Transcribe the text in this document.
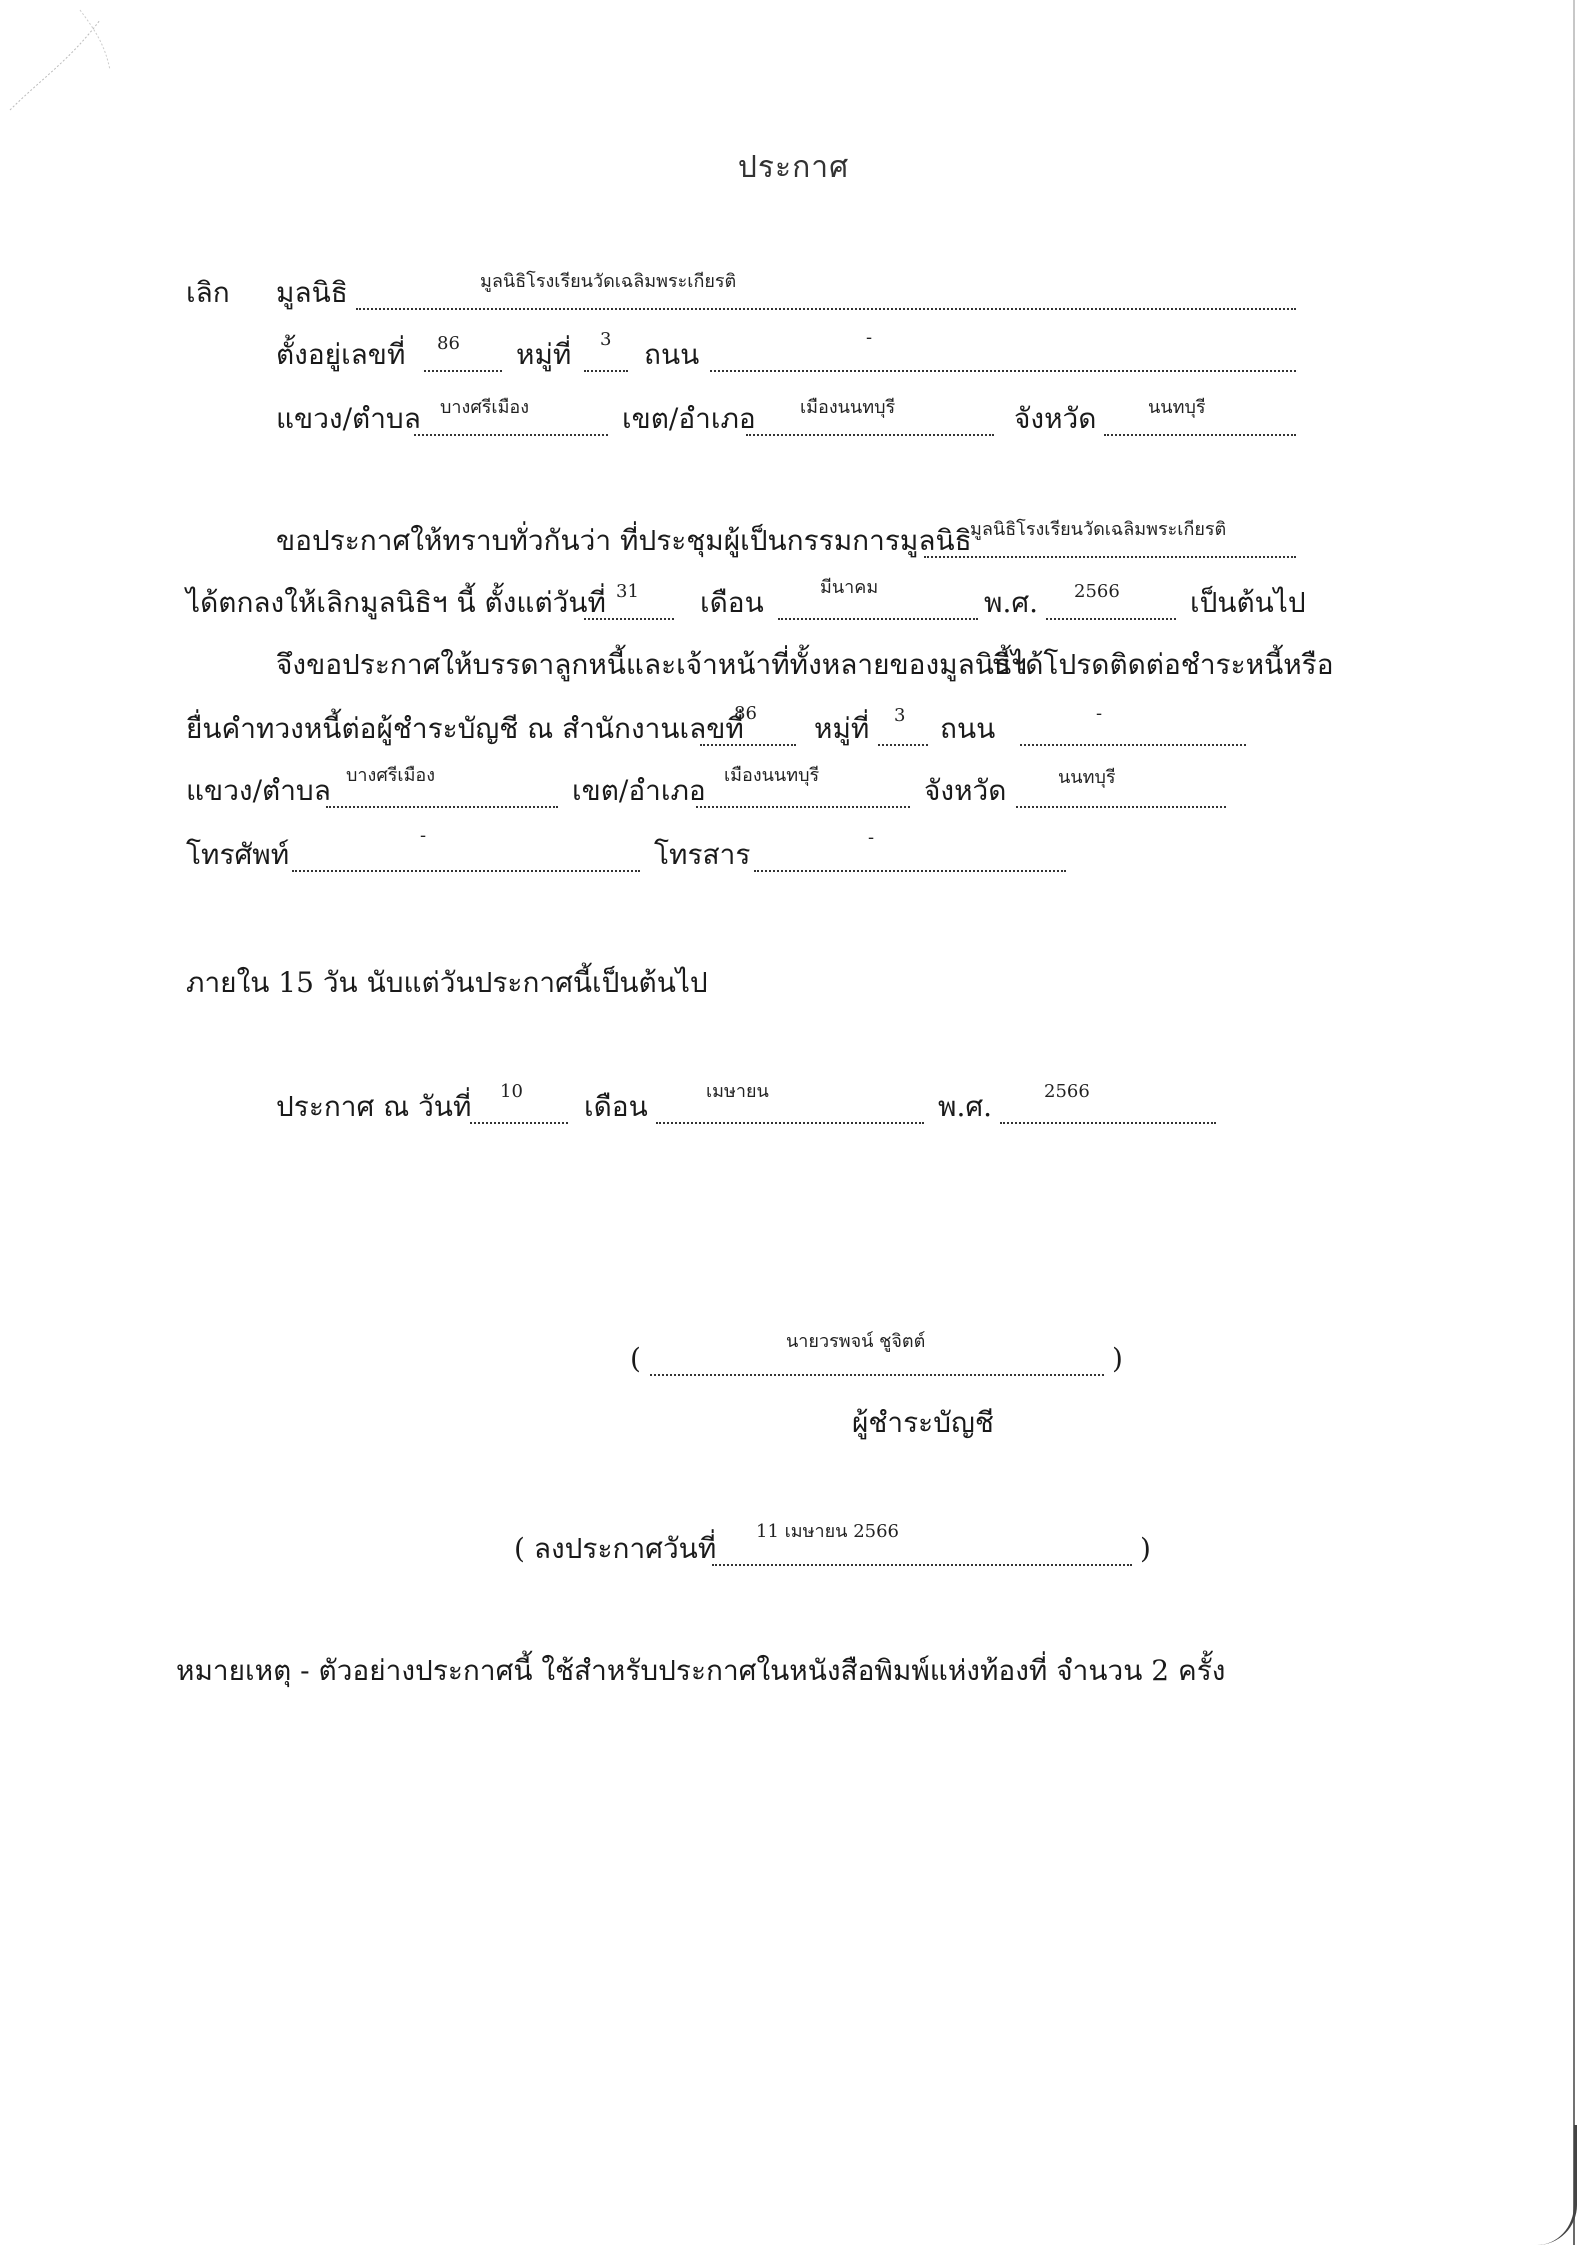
ประกาศ
เลิก มูลนิธิ	มูลนิธิโรงเรียนวัดเฉลิมพระเกียรติ
ตั้งอยู่เลขที่ 86 หมู่ที่ 3 ถนน
-
แขวง/ตำบล บางศรีเมือง	เขต/อำเภอ เมืองนนทบุรี	จังหวัด	นนทบุรี
ขอประกาศให้ทราบทั่วกันว่า ที่ประชุมผู้เป็นกรรมการมูลนิธิ
มูลนิธิโรงเรียนวัดเฉลิมพระเกียรติ
ได้ตกลงให้เลิกมูลนิธิฯ นี้ ตั้งแต่วันที่ 31 เดือน	มีนาคม	พ.ศ. 2566	เป็นต้นไป
จึงขอประกาศให้บรรดาลูกหนี้และเจ้าหน้าที่ทั้งหลายของมูลนิธิฯ
นี้ได้โปรดติดต่อชำระหนี้หรือ
ยื่นคำทวงหนี้ต่อผู้ชำระบัญชี ณ สำนักงานเลขที่
86 หมู่ที่ 3 ถนน	-
แขวง/ตำบล บางศรีเมือง	เขต/อำเภอ เมืองนนทบุรี	จังหวัด	นนทบุรี
โทรศัพท์
-
โทรสาร
-
ภายใน 15 วัน นับแต่วันประกาศนี้เป็นต้นไป
ประกาศ ณ วันที่ 10 เดือน	เมษายน	พ.ศ.	2566
(
นายวรพจน์ ชูจิตต์
)
ผู้ชำระบัญชี
( ลงประกาศวันที่
11 เมษายน 2566
)
หมายเหตุ - ตัวอย่างประกาศนี้ ใช้สำหรับประกาศในหนังสือพิมพ์แห่งท้องที่ จำนวน 2 ครั้ง
